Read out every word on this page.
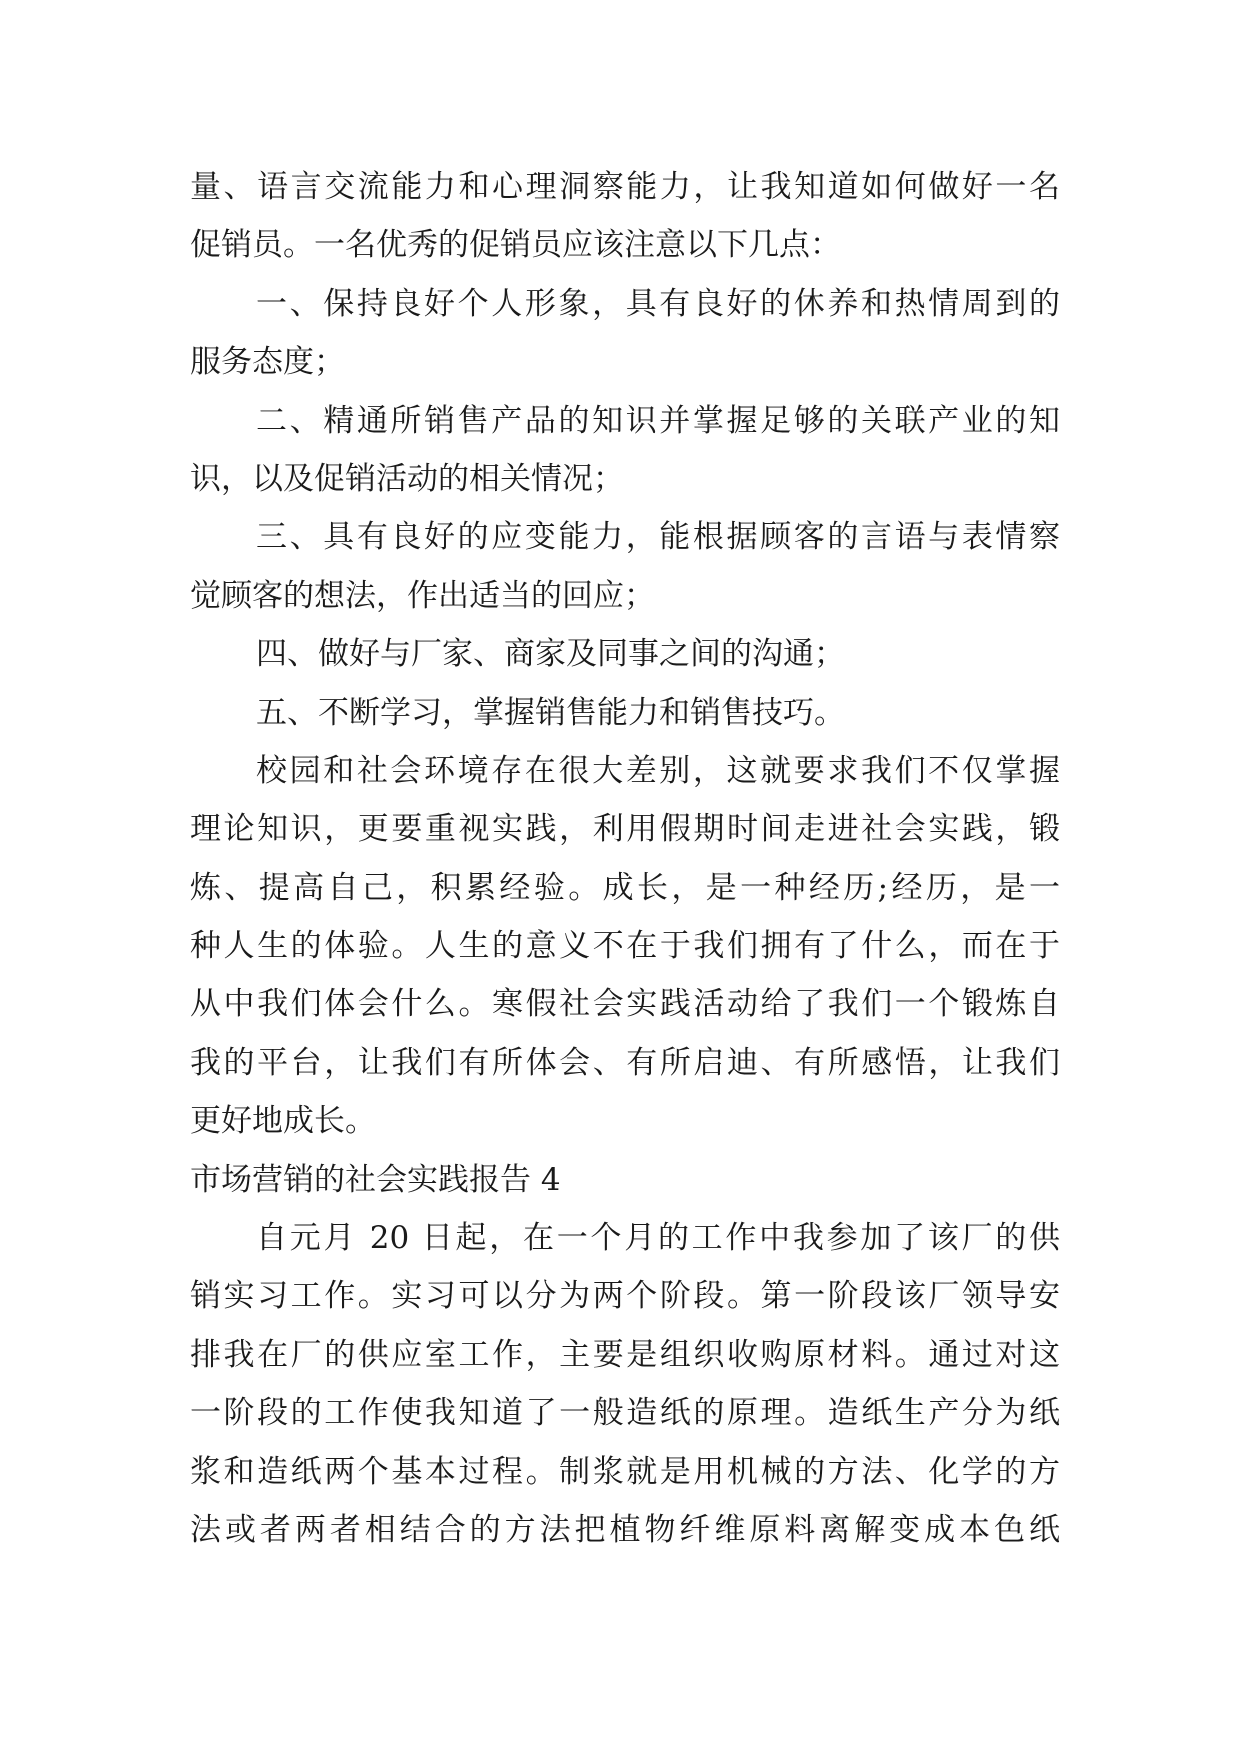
量、语言交流能力和心理洞察能力，让我知道如何做好一名
促销员。一名优秀的促销员应该注意以下几点：
一、保持良好个人形象，具有良好的休养和热情周到的
服务态度；
二、精通所销售产品的知识并掌握足够的关联产业的知
识，以及促销活动的相关情况；
三、具有良好的应变能力，能根据顾客的言语与表情察
觉顾客的想法，作出适当的回应；
四、做好与厂家、商家及同事之间的沟通；
五、不断学习，掌握销售能力和销售技巧。
校园和社会环境存在很大差别，这就要求我们不仅掌握
理论知识，更要重视实践，利用假期时间走进社会实践，锻
炼、提高自己，积累经验。成长，是一种经历;经历，是一
种人生的体验。人生的意义不在于我们拥有了什么，而在于
从中我们体会什么。寒假社会实践活动给了我们一个锻炼自
我的平台，让我们有所体会、有所启迪、有所感悟，让我们
更好地成长。
市场营销的社会实践报告 4
自元月 20 日起，在一个月的工作中我参加了该厂的供
销实习工作。实习可以分为两个阶段。第一阶段该厂领导安
排我在厂的供应室工作，主要是组织收购原材料。通过对这
一阶段的工作使我知道了一般造纸的原理。造纸生产分为纸
浆和造纸两个基本过程。制浆就是用机械的方法、化学的方
法或者两者相结合的方法把植物纤维原料离解变成本色纸
